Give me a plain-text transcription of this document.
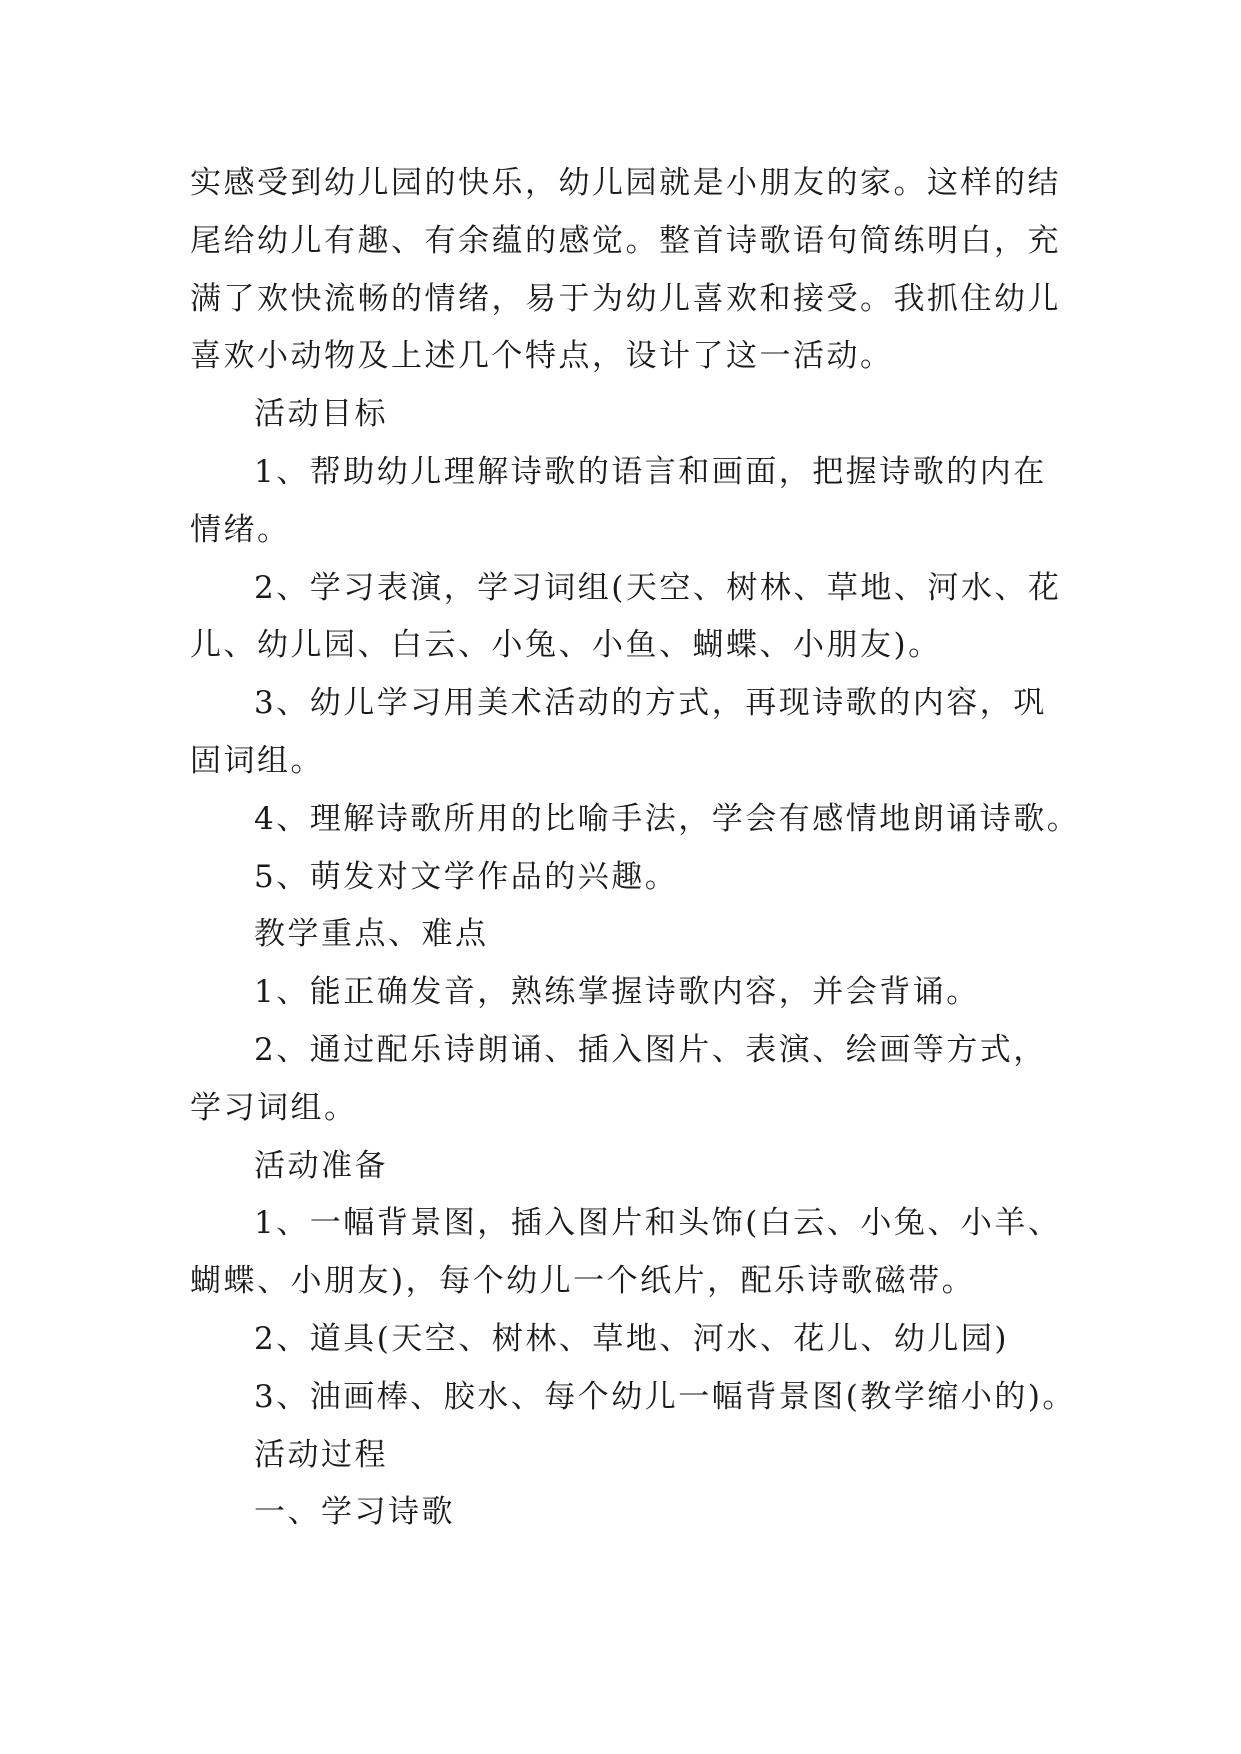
实感受到幼儿园的快乐，幼儿园就是小朋友的家。这样的结
尾给幼儿有趣、有余蕴的感觉。整首诗歌语句简练明白，充
满了欢快流畅的情绪，易于为幼儿喜欢和接受。我抓住幼儿
喜欢小动物及上述几个特点，设计了这一活动。
活动目标
1、帮助幼儿理解诗歌的语言和画面，把握诗歌的内在
情绪。
2、学习表演，学习词组(天空、树林、草地、河水、花
儿、幼儿园、白云、小兔、小鱼、蝴蝶、小朋友)。
3、幼儿学习用美术活动的方式，再现诗歌的内容，巩
固词组。
4、理解诗歌所用的比喻手法，学会有感情地朗诵诗歌。
5、萌发对文学作品的兴趣。
教学重点、难点
1、能正确发音，熟练掌握诗歌内容，并会背诵。
2、通过配乐诗朗诵、插入图片、表演、绘画等方式，
学习词组。
活动准备
1、一幅背景图，插入图片和头饰(白云、小兔、小羊、
蝴蝶、小朋友)，每个幼儿一个纸片，配乐诗歌磁带。
2、道具(天空、树林、草地、河水、花儿、幼儿园)
3、油画棒、胶水、每个幼儿一幅背景图(教学缩小的)。
活动过程
一、学习诗歌
